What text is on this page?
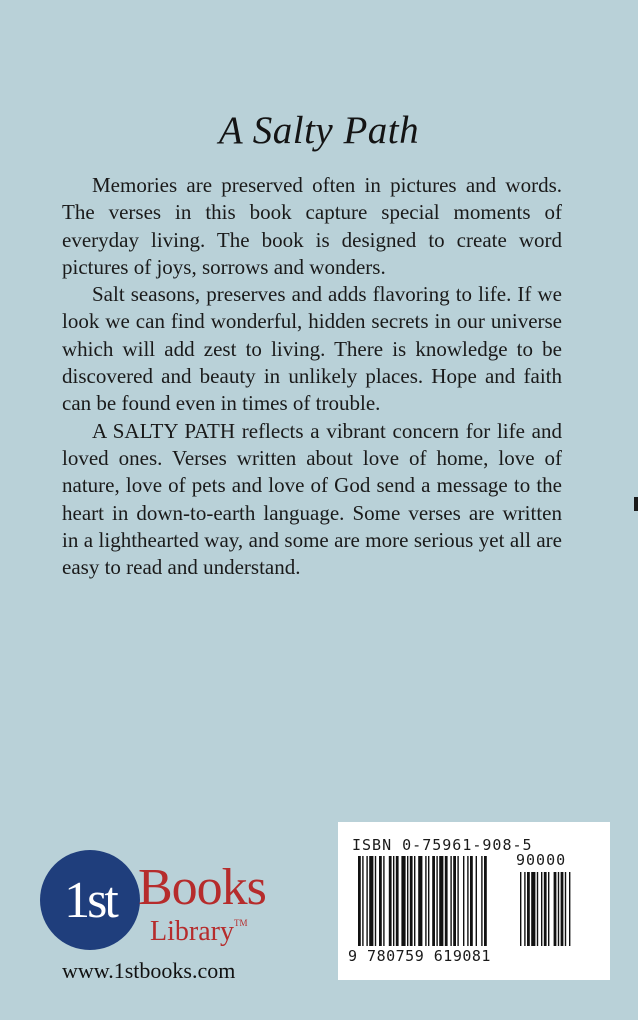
A Salty Path

Memories are preserved often in pictures and words. The verses in this book capture special moments of everyday living. The book is designed to create word pictures of joys, sorrows and wonders.

Salt seasons, preserves and adds flavoring to life. If we look we can find wonderful, hidden secrets in our universe which will add zest to living. There is knowledge to be discovered and beauty in unlikely places. Hope and faith can be found even in times of trouble.

A SALTY PATH reflects a vibrant concern for life and loved ones. Verses written about love of home, love of nature, love of pets and love of God send a message to the heart in down-to-earth language. Some verses are written in a lighthearted way, and some are more serious yet all are easy to read and understand.

1st Books
Library™
www.1stbooks.com
ISBN 0-75961-908-5
90000
9 780759 619081
